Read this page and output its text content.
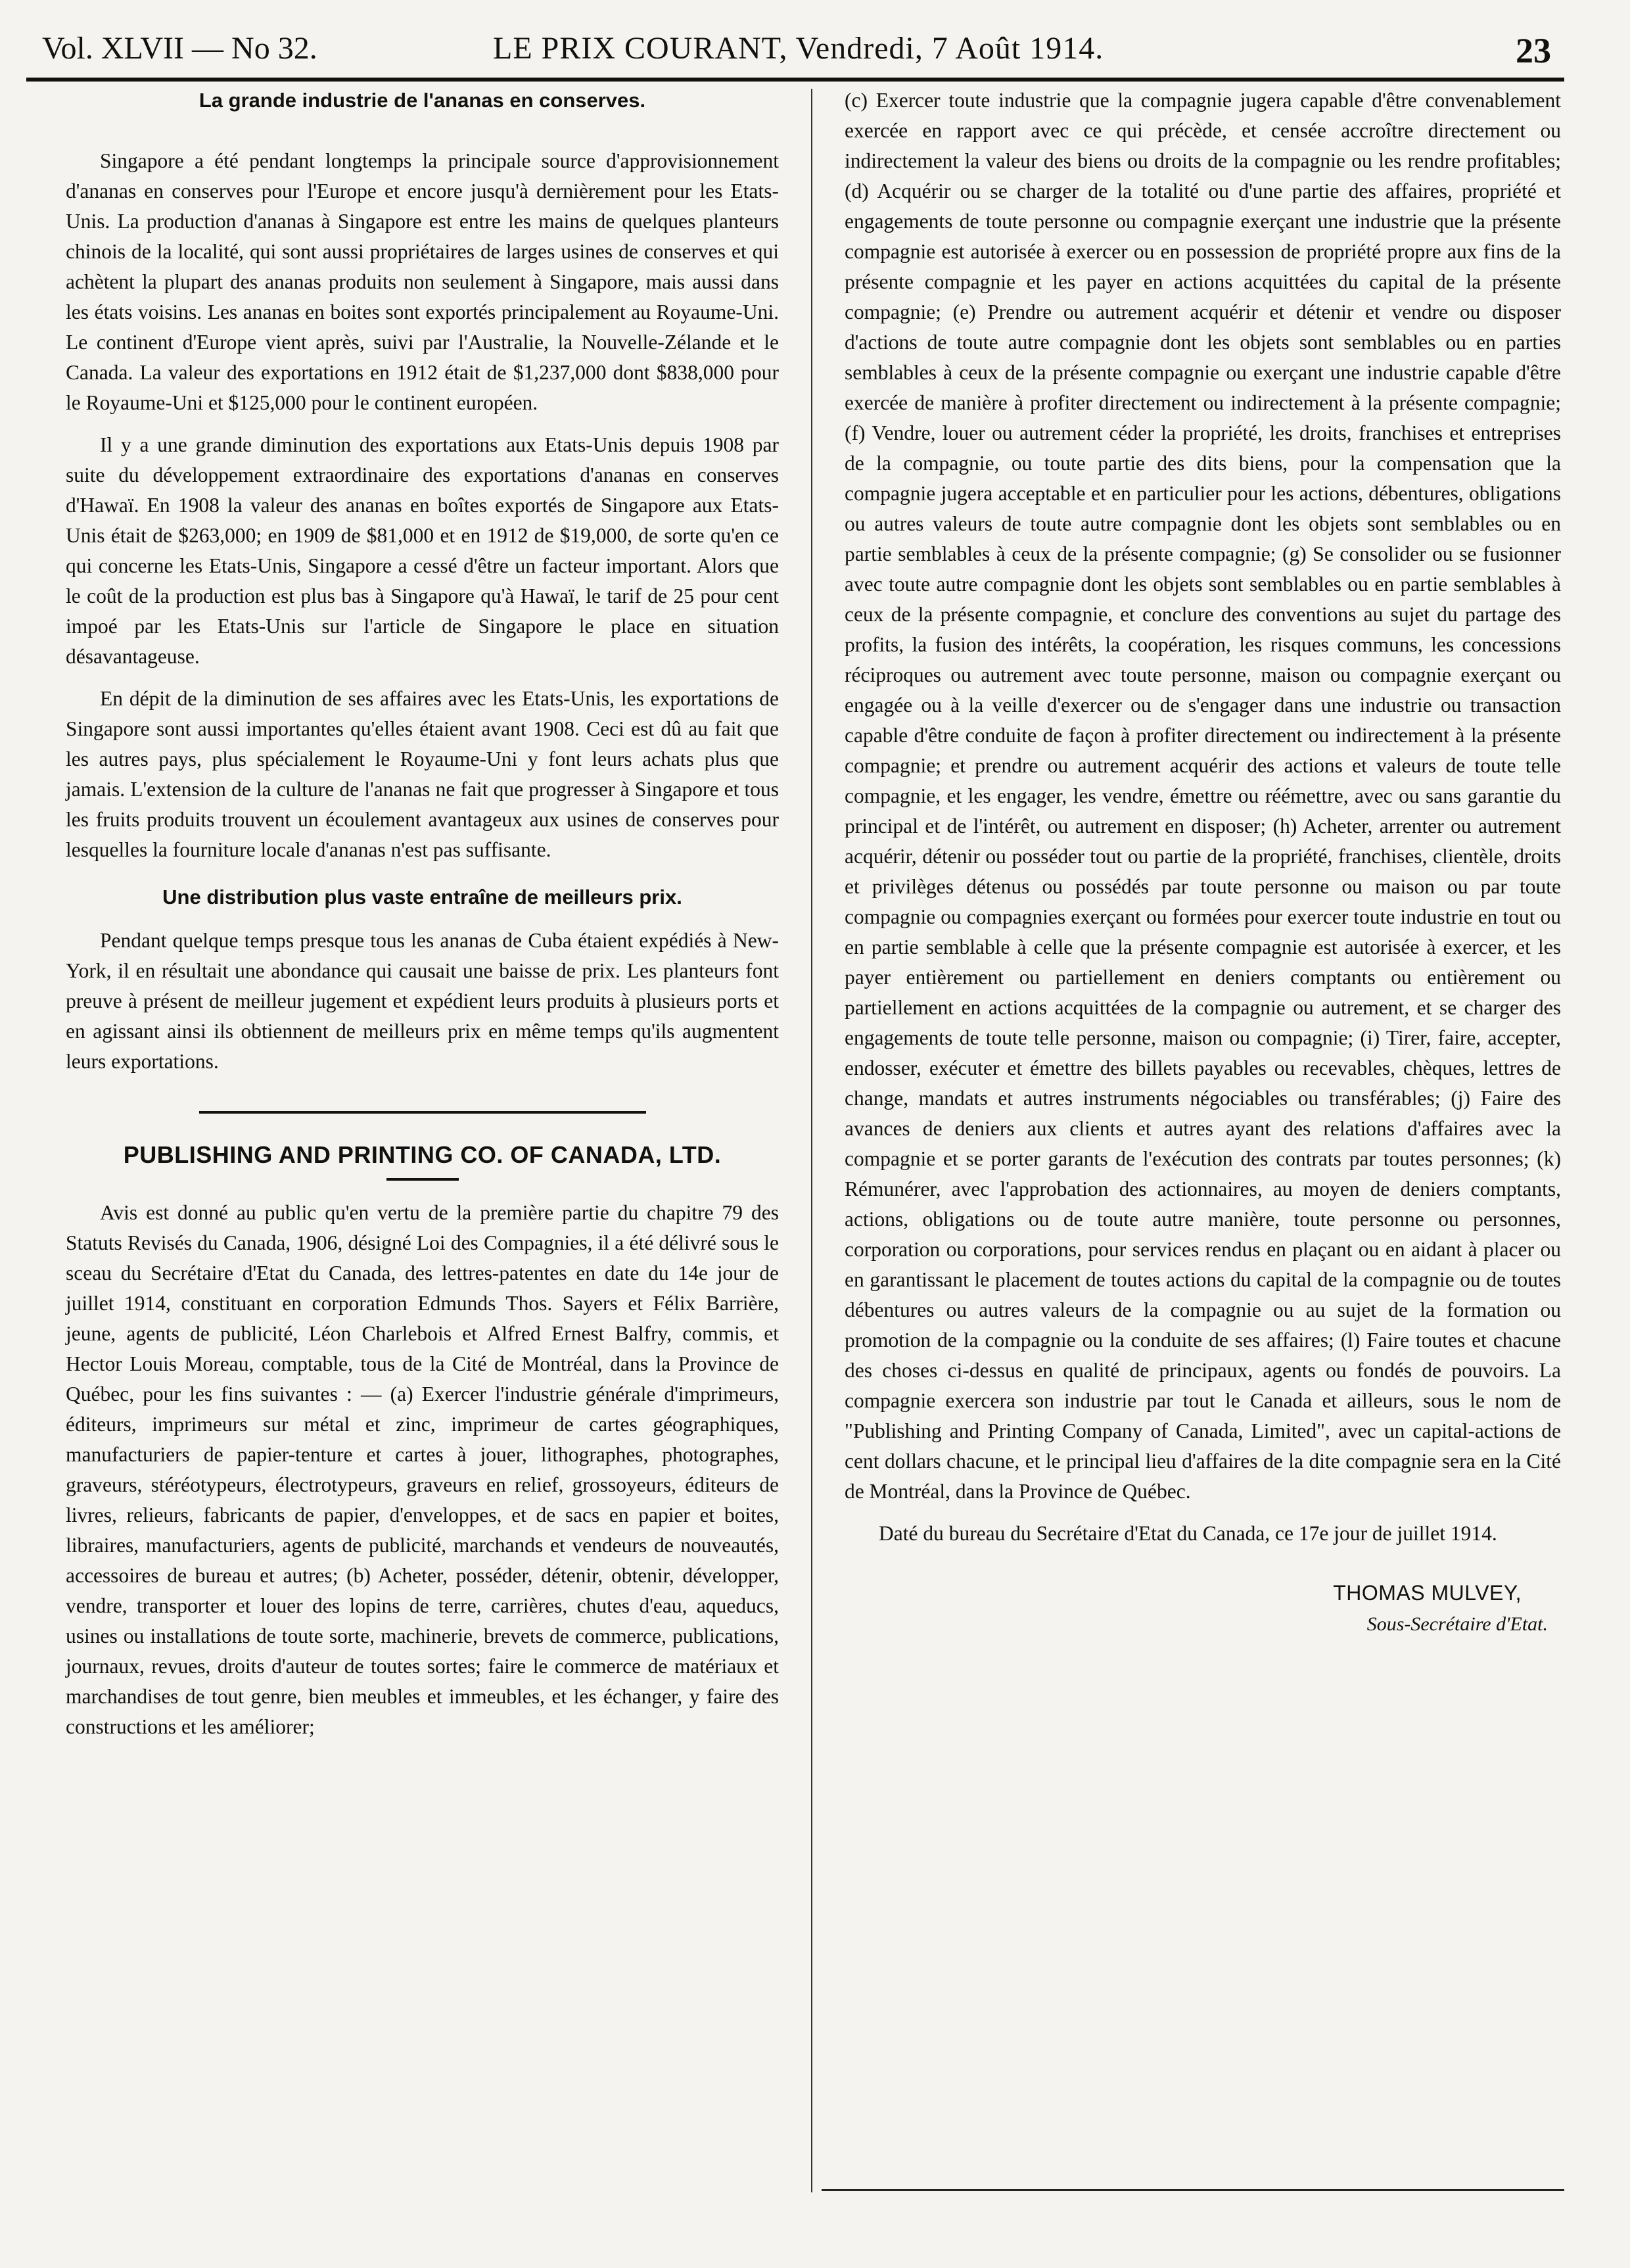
Vol. XLVII — No 32.	LE PRIX COURANT, Vendredi, 7 Août 1914.	23
La grande industrie de l'ananas en conserves.

Singapore a été pendant longtemps la principale source d'approvisionnement d'ananas en conserves pour l'Europe et encore jusqu'à dernièrement pour les Etats-Unis. La production d'ananas à Singapore est entre les mains de quelques planteurs chinois de la localité, qui sont aussi propriétaires de larges usines de conserves et qui achètent la plupart des ananas produits non seulement à Singapore, mais aussi dans les états voisins. Les ananas en boites sont exportés principalement au Royaume-Uni. Le continent d'Europe vient après, suivi par l'Australie, la Nouvelle-Zélande et le Canada. La valeur des exportations en 1912 était de $1,237,000 dont $838,000 pour le Royaume-Uni et $125,000 pour le continent européen.

Il y a une grande diminution des exportations aux Etats-Unis depuis 1908 par suite du développement extraordinaire des exportations d'ananas en conserves d'Hawaï. En 1908 la valeur des ananas en boîtes exportés de Singapore aux Etats-Unis était de $263,000; en 1909 de $81,000 et en 1912 de $19,000, de sorte qu'en ce qui concerne les Etats-Unis, Singapore a cessé d'être un facteur important. Alors que le coût de la production est plus bas à Singapore qu'à Hawaï, le tarif de 25 pour cent impoé par les Etats-Unis sur l'article de Singapore le place en situation désavantageuse.

En dépit de la diminution de ses affaires avec les Etats-Unis, les exportations de Singapore sont aussi importantes qu'elles étaient avant 1908. Ceci est dû au fait que les autres pays, plus spécialement le Royaume-Uni y font leurs achats plus que jamais. L'extension de la culture de l'ananas ne fait que progresser à Singapore et tous les fruits produits trouvent un écoulement avantageux aux usines de conserves pour lesquelles la fourniture locale d'ananas n'est pas suffisante.

Une distribution plus vaste entraîne de meilleurs prix.

Pendant quelque temps presque tous les ananas de Cuba étaient expédiés à New-York, il en résultait une abondance qui causait une baisse de prix. Les planteurs font preuve à présent de meilleur jugement et expédient leurs produits à plusieurs ports et en agissant ainsi ils obtiennent de meilleurs prix en même temps qu'ils augmentent leurs exportations.

PUBLISHING AND PRINTING CO. OF CANADA, LTD.

Avis est donné au public qu'en vertu de la première partie du chapitre 79 des Statuts Revisés du Canada, 1906, désigné Loi des Compagnies, il a été délivré sous le sceau du Secrétaire d'Etat du Canada, des lettres-patentes en date du 14e jour de juillet 1914, constituant en corporation Edmunds Thos. Sayers et Félix Barrière, jeune, agents de publicité, Léon Charlebois et Alfred Ernest Balfry, commis, et Hector Louis Moreau, comptable, tous de la Cité de Montréal, dans la Province de Québec, pour les fins suivantes : — (a) Exercer l'industrie générale d'imprimeurs, éditeurs, imprimeurs sur métal et zinc, imprimeur de cartes géographiques, manufacturiers de papier-tenture et cartes à jouer, lithographes, photographes, graveurs, stéréotypeurs, électrotypeurs, graveurs en relief, grossoyeurs, éditeurs de livres, relieurs, fabricants de papier, d'enveloppes, et de sacs en papier et boites, libraires, manufacturiers, agents de publicité, marchands et vendeurs de nouveautés, accessoires de bureau et autres; (b) Acheter, posséder, détenir, obtenir, développer, vendre, transporter et louer des lopins de terre, carrières, chutes d'eau, aqueducs, usines ou installations de toute sorte, machinerie, brevets de commerce, publications, journaux, revues, droits d'auteur de toutes sortes; faire le commerce de matériaux et marchandises de tout genre, bien meubles et immeubles, et les échanger, y faire des constructions et les améliorer;

(c) Exercer toute industrie que la compagnie jugera capable d'être convenablement exercée en rapport avec ce qui précède, et censée accroître directement ou indirectement la valeur des biens ou droits de la compagnie ou les rendre profitables; (d) Acquérir ou se charger de la totalité ou d'une partie des affaires, propriété et engagements de toute personne ou compagnie exerçant une industrie que la présente compagnie est autorisée à exercer ou en possession de propriété propre aux fins de la présente compagnie et les payer en actions acquittées du capital de la présente compagnie; (e) Prendre ou autrement acquérir et détenir et vendre ou disposer d'actions de toute autre compagnie dont les objets sont semblables ou en parties semblables à ceux de la présente compagnie ou exerçant une industrie capable d'être exercée de manière à profiter directement ou indirectement à la présente compagnie; (f) Vendre, louer ou autrement céder la propriété, les droits, franchises et entreprises de la compagnie, ou toute partie des dits biens, pour la compensation que la compagnie jugera acceptable et en particulier pour les actions, débentures, obligations ou autres valeurs de toute autre compagnie dont les objets sont semblables ou en partie semblables à ceux de la présente compagnie; (g) Se consolider ou se fusionner avec toute autre compagnie dont les objets sont semblables ou en partie semblables à ceux de la présente compagnie, et conclure des conventions au sujet du partage des profits, la fusion des intérêts, la coopération, les risques communs, les concessions réciproques ou autrement avec toute personne, maison ou compagnie exerçant ou engagée ou à la veille d'exercer ou de s'engager dans une industrie ou transaction capable d'être conduite de façon à profiter directement ou indirectement à la présente compagnie; et prendre ou autrement acquérir des actions et valeurs de toute telle compagnie, et les engager, les vendre, émettre ou réémettre, avec ou sans garantie du principal et de l'intérêt, ou autrement en disposer; (h) Acheter, arrenter ou autrement acquérir, détenir ou posséder tout ou partie de la propriété, franchises, clientèle, droits et privilèges détenus ou possédés par toute personne ou maison ou par toute compagnie ou compagnies exerçant ou formées pour exercer toute industrie en tout ou en partie semblable à celle que la présente compagnie est autorisée à exercer, et les payer entièrement ou partiellement en deniers comptants ou entièrement ou partiellement en actions acquittées de la compagnie ou autrement, et se charger des engagements de toute telle personne, maison ou compagnie; (i) Tirer, faire, accepter, endosser, exécuter et émettre des billets payables ou recevables, chèques, lettres de change, mandats et autres instruments négociables ou transférables; (j) Faire des avances de deniers aux clients et autres ayant des relations d'affaires avec la compagnie et se porter garants de l'exécution des contrats par toutes personnes; (k) Rémunérer, avec l'approbation des actionnaires, au moyen de deniers comptants, actions, obligations ou de toute autre manière, toute personne ou personnes, corporation ou corporations, pour services rendus en plaçant ou en aidant à placer ou en garantissant le placement de toutes actions du capital de la compagnie ou de toutes débentures ou autres valeurs de la compagnie ou au sujet de la formation ou promotion de la compagnie ou la conduite de ses affaires; (l) Faire toutes et chacune des choses ci-dessus en qualité de principaux, agents ou fondés de pouvoirs. La compagnie exercera son industrie par tout le Canada et ailleurs, sous le nom de "Publishing and Printing Company of Canada, Limited", avec un capital-actions de cent dollars chacune, et le principal lieu d'affaires de la dite compagnie sera en la Cité de Montréal, dans la Province de Québec.

Daté du bureau du Secrétaire d'Etat du Canada, ce 17e jour de juillet 1914.

THOMAS MULVEY,
Sous-Secrétaire d'Etat.
